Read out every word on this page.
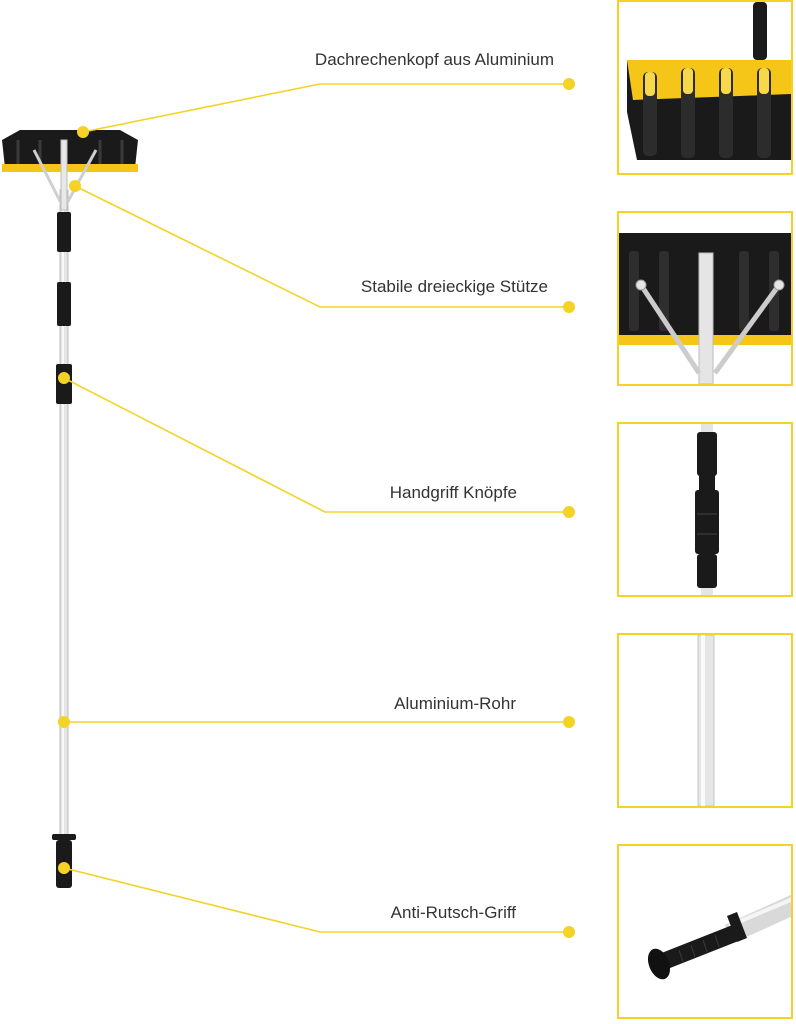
Dachrechenkopf aus Aluminium
Stabile dreieckige Stütze
Handgriff Knöpfe
Aluminium-Rohr
Anti-Rutsch-Griff
